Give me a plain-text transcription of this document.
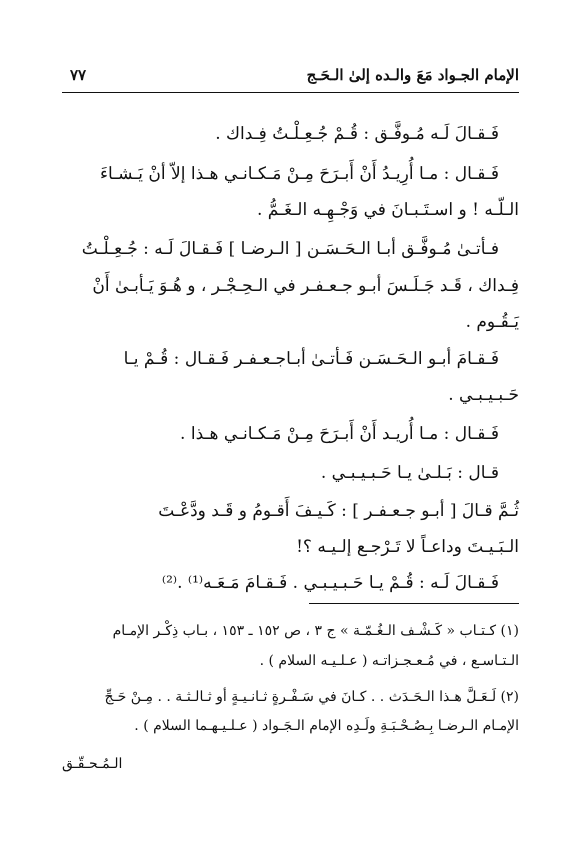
الإمام الجـواد مَعَ والـده إلىٰ الـحَـج
٧٧
فَـقـالَ لَـه مُـوفَّـق : قُـمْ جُـعِـلْـتُ فِـداك .
فَـقـال : مـا أُرِيـدُ أَنْ أَبـرَحَ مِـنْ مَـكـانـي هـذا إلاّ أنْ يَـشـاءَ
الـلّـه ! و اسـتَـبـانَ في وَجْـهِـه الـغَـمُّ .
فـأتـىٰ مُـوفَّـق أبـا الـحَـسَـن [ الـرضـا ] فَـقـالَ لَـه : جُـعِـلْـتُ
فِـداك ، قَـد جَـلَـسَ أبـو جـعـفـر في الـحِـجْـر ، و هُـوَ يَـأبـىٰ أَنْ
يَـقُـوم .
فَـقـامَ أبـو الـحَـسَـن فَـأتـىٰ أبـاجـعـفـر فَـقـال : قُـمْ يـا
حَـبـيـبـي .
فَـقـال : مـا أُريـد أَنْ أَبـرَحَ مِـنْ مَـكـانـي هـذا .
قـال : بَـلـىٰ يـا حَـبـيـبـي .
ثُـمَّ قـالَ [ أبـو جـعـفـر ] : كَـيـفَ أَقـومُ و قَـد ودَّعْـتَ
الـبَـيـتَ وداعـاً لا تَـرْجـع إلـيـه ؟!
فَـقـالَ لَـه : قُـمْ يـا حَـبـيـبـي . فَـقـامَ مَـعَـه⁽¹⁾ .⁽²⁾
(١) كـتـاب « كَـشْـف الـغُـمّـة » ج ٣ ، ص ١٥٢ ـ ١٥٣ ، بـاب ذِكْـر الإمـام
الـتـاسـع ، في مُـعـجـزاتـه ( عـلـيـه السلام ) .
(٢) لَـعَـلَّ هـذا الـحَـدَث . . كـانَ في سَـفْـرةٍ ثـانـيـةٍ أو ثـالـثـة . . مِـنْ حَـجِّ
الإمـام الـرضـا بِـصُـحْـبَـةِ ولَـدِه الإمام الـجَـواد ( عـلـيـهـما السلام ) .
الـمُـحـقّـق
